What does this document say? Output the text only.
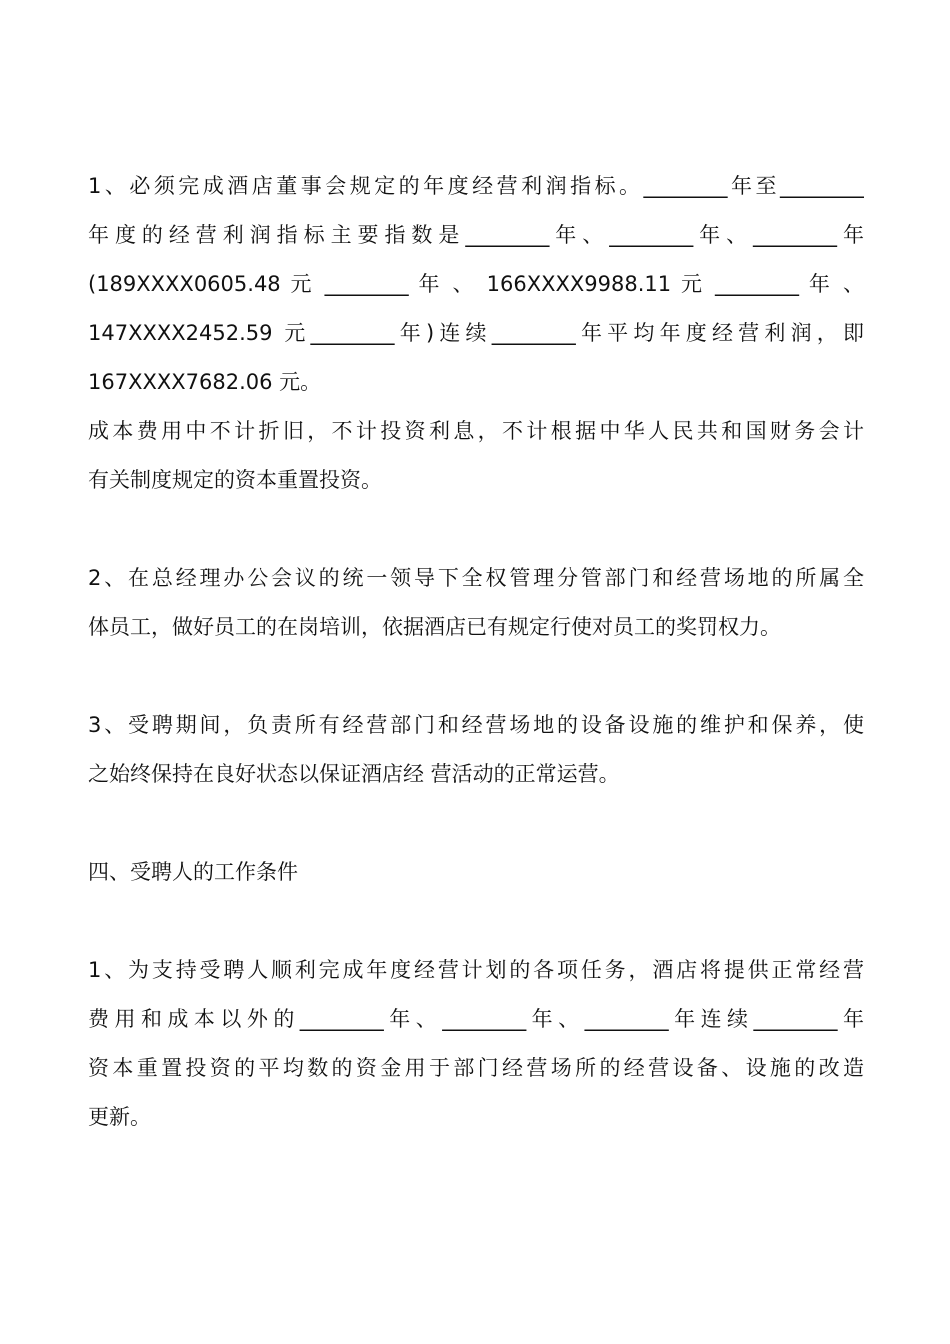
1、必须完成酒店董事会规定的年度经营利润指标。________年至________
年度的经营利润指标主要指数是________年、________年、________年
(189XXXX0605.48 元 ________ 年 、 166XXXX9988.11 元 ________ 年 、
147XXXX2452.59 元________年)连续________年平均年度经营利润，即
167XXXX7682.06 元。
成本费用中不计折旧，不计投资利息，不计根据中华人民共和国财务会计
有关制度规定的资本重置投资。
2、在总经理办公会议的统一领导下全权管理分管部门和经营场地的所属全
体员工，做好员工的在岗培训，依据酒店已有规定行使对员工的奖罚权力。
3、受聘期间，负责所有经营部门和经营场地的设备设施的维护和保养，使
之始终保持在良好状态以保证酒店经 营活动的正常运营。
四、受聘人的工作条件
1、为支持受聘人顺利完成年度经营计划的各项任务，酒店将提供正常经营
费用和成本以外的________年、________年、________年连续________年
资本重置投资的平均数的资金用于部门经营场所的经营设备、设施的改造
更新。
